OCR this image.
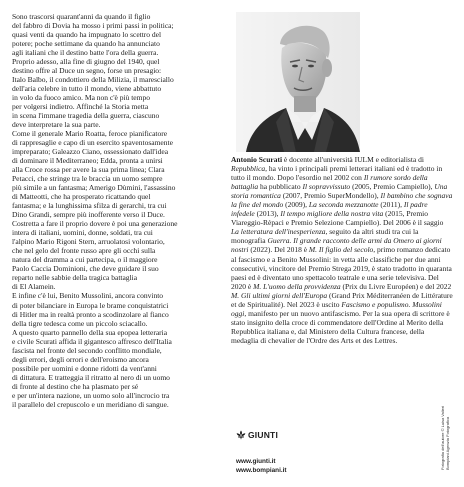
Sono trascorsi quarant'anni da quando il figlio

del fabbro di Dovia ha mosso i primi passi in politica;

quasi venti da quando ha impugnato lo scettro del

potere; poche settimane da quando ha annunciato

agli italiani che il destino batte l'ora della guerra.

Proprio adesso, alla fine di giugno del 1940, quel

destino offre al Duce un segno, forse un presagio:

Italo Balbo, il condottiero della Milizia, il maresciallo

dell'aria celebre in tutto il mondo, viene abbattuto

in volo da fuoco amico. Ma non c'è più tempo

per volgersi indietro. Affinché la Storia metta

in scena l'immane tragedia della guerra, ciascuno

deve interpretare la sua parte.

Come il generale Mario Roatta, feroce pianificatore

di rappresaglie e capo di un esercito spaventosamente

impreparato; Galeazzo Ciano, ossessionato dall'idea

di dominare il Mediterraneo; Edda, pronta a unirsi

alla Croce rossa per avere la sua prima linea; Clara

Petacci, che stringe tra le braccia un uomo sempre

più simile a un fantasma; Amerigo Dùmini, l'assassino

di Matteotti, che ha prosperato ricattando quel

fantasma; e la lunghissima sfilza di gerarchi, tra cui

Dino Grandi, sempre più inofferente verso il Duce.

Costretta a fare il proprio dovere è poi una generazione

intera di italiani, uomini, donne, soldati, tra cui

l'alpino Mario Rigoni Stern, arruolatosi volontario,

che nel gelo del fronte russo apre gli occhi sulla

natura del dramma a cui partecipa, o il maggiore

Paolo Caccia Dominioni, che deve guidare il suo

reparto nelle sabbie della tragica battaglia

di El Alamein.

E infine c'è lui, Benito Mussolini, ancora convinto

di poter bilanciare in Europa le brame conquistatrici

di Hitler ma in realtà pronto a scodinzolare al fianco

della tigre tedesca come un piccolo sciacallo.

A questo quarto pannello della sua epopea letteraria

e civile Scurati affida il gigantesco affresco dell'Italia

fascista nel fronte del secondo conflitto mondiale,

degli errori, degli orrori e dell'eroismo ancora

possibile per uomini e donne ridotti da vent'anni

di dittatura. E tratteggia il ritratto al nero di un uomo

di fronte al destino che ha plasmato per sé

e per un'intera nazione, un uomo solo all'incrocio tra

il parallelo del crepuscolo e un meridiano di sangue.

Antonio Scurati è docente all'università IULM e editorialista di Repubblica, ha vinto i principali premi letterari italiani ed è tradotto in tutto il mondo. Dopo l'esordio nel 2002 con Il rumore sordo della battaglia ha pubblicato Il sopravvissuto (2005, Premio Campiello), Una storia romantica (2007, Premio SuperMondello), Il bambino che sognava la fine del mondo (2009), La seconda mezzanotte (2011), Il padre infedele (2013), Il tempo migliore della nostra vita (2015, Premio Viareggio-Rèpaci e Premio Selezione Campiello). Del 2006 è il saggio La letteratura dell'inesperienza, seguito da altri studi tra cui la monografia Guerra. Il grande racconto delle armi da Omero ai giorni nostri (2022). Del 2018 è M. Il figlio del secolo, primo romanzo dedicato al fascismo e a Benito Mussolini: in vetta alle classifiche per due anni consecutivi, vincitore del Premio Strega 2019, è stato tradotto in quaranta paesi ed è diventato uno spettacolo teatrale e una serie televisiva. Del 2020 è M. L'uomo della provvidenza (Prix du Livre Européen) e del 2022 M. Gli ultimi giorni dell'Europa (Grand Prix Méditerranéen de Littérature et de Spiritualité). Nel 2023 è uscito Fascismo e populismo. Mussolini oggi, manifesto per un nuovo antifascismo. Per la sua opera di scrittore è stato insignito della croce di commendatore dell'Ordine al Merito della Repubblica italiana e, dal Ministero della Cultura francese, della medaglia di chevalier de l'Ordre des Arts et des Lettres.
GIUNTI
www.giunti.it
www.bompiani.it
Fotografia dell'autore © Luisa Valieri
Bompiani Agenzia Fotografica
